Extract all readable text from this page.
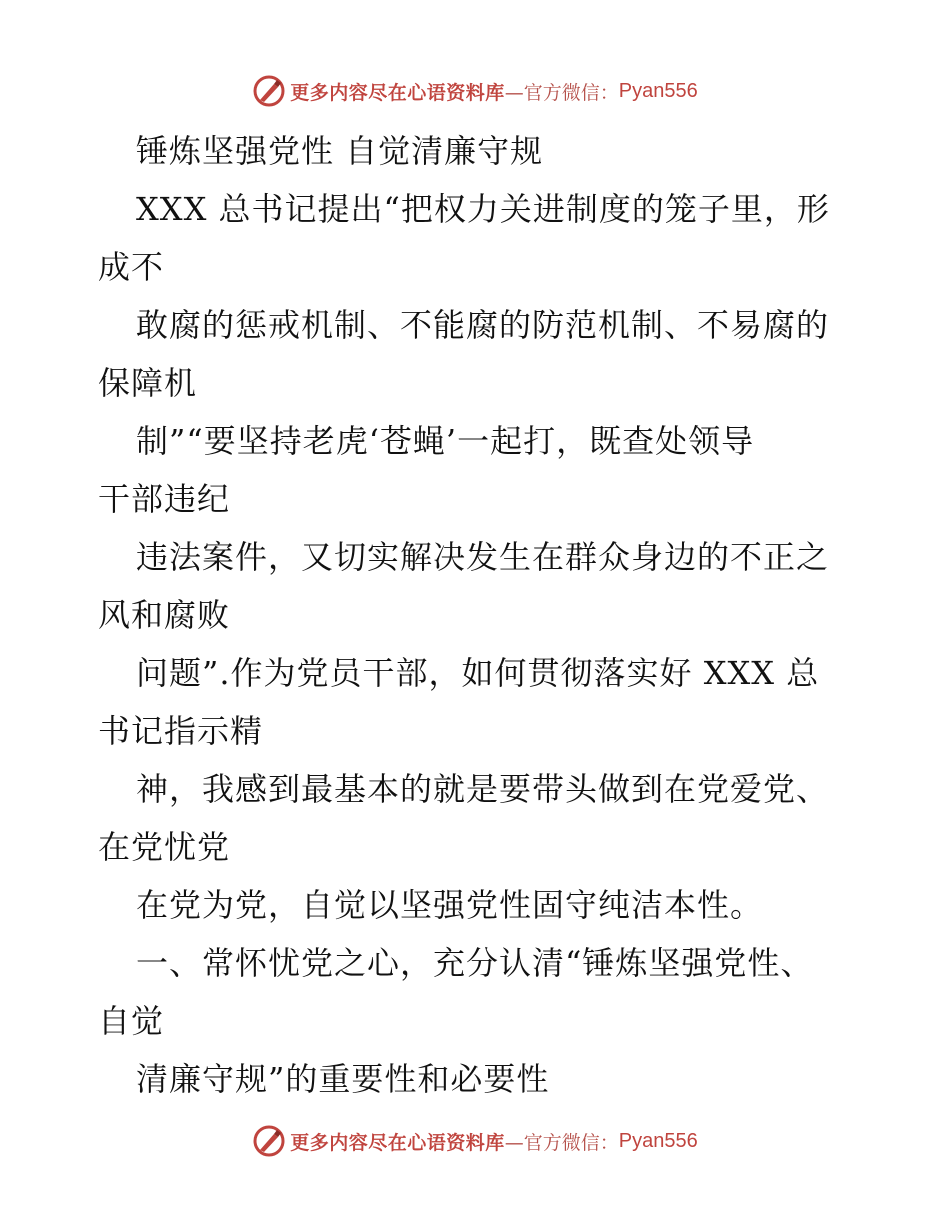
更多内容尽在心语资料库 —官方微信： Pyan556
锤炼坚强党性 自觉清廉守规
XXX 总书记提出“把权力关进制度的笼子里，形
成不
敢腐的惩戒机制、不能腐的防范机制、不易腐的
保障机
制”“要坚持老虎‘苍蝇’一起打，既查处领导
干部违纪
违法案件，又切实解决发生在群众身边的不正之
风和腐败
问题”.作为党员干部，如何贯彻落实好 XXX 总
书记指示精
神，我感到最基本的就是要带头做到在党爱党、
在党忧党
在党为党，自觉以坚强党性固守纯洁本性。
一、常怀忧党之心，充分认清“锤炼坚强党性、
自觉
清廉守规”的重要性和必要性
更多内容尽在心语资料库 —官方微信： Pyan556
